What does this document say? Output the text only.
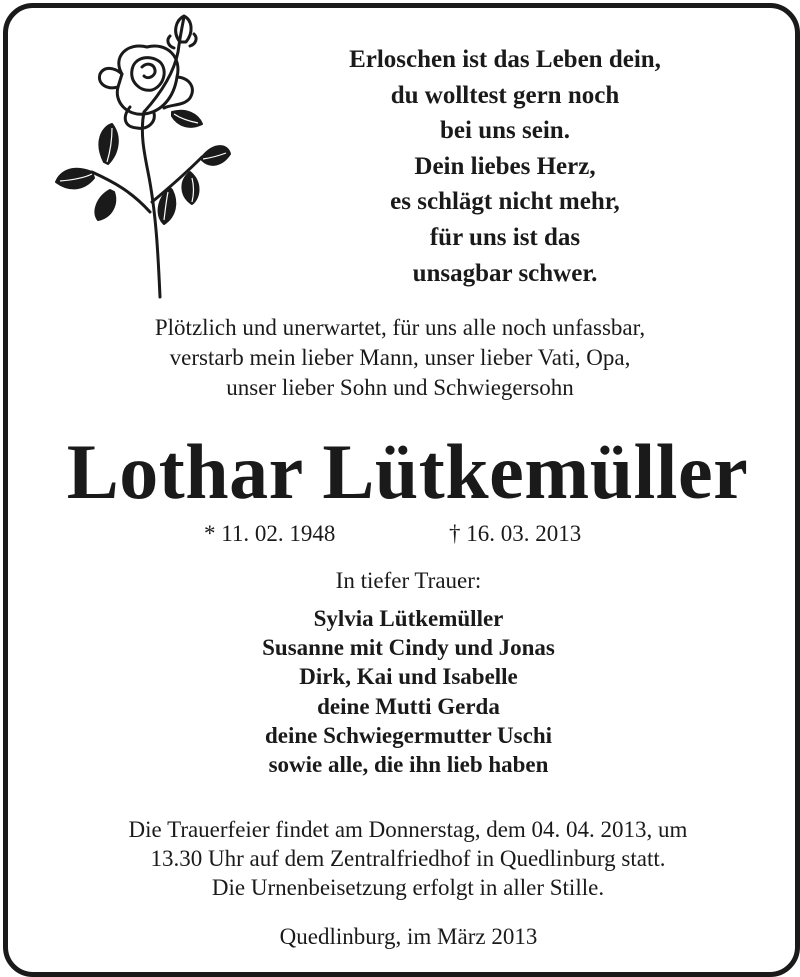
Erloschen ist das Leben dein,
du wolltest gern noch
bei uns sein.
Dein liebes Herz,
es schlägt nicht mehr,
für uns ist das
unsagbar schwer.
Plötzlich und unerwartet, für uns alle noch unfassbar,
verstarb mein lieber Mann, unser lieber Vati, Opa,
unser lieber Sohn und Schwiegersohn
Lothar Lütkemüller
* 11. 02. 1948	† 16. 03. 2013
In tiefer Trauer:
Sylvia Lütkemüller
Susanne mit Cindy und Jonas
Dirk, Kai und Isabelle
deine Mutti Gerda
deine Schwiegermutter Uschi
sowie alle, die ihn lieb haben
Die Trauerfeier findet am Donnerstag, dem 04. 04. 2013, um
13.30 Uhr auf dem Zentralfriedhof in Quedlinburg statt.
Die Urnenbeisetzung erfolgt in aller Stille.
Quedlinburg, im März 2013
